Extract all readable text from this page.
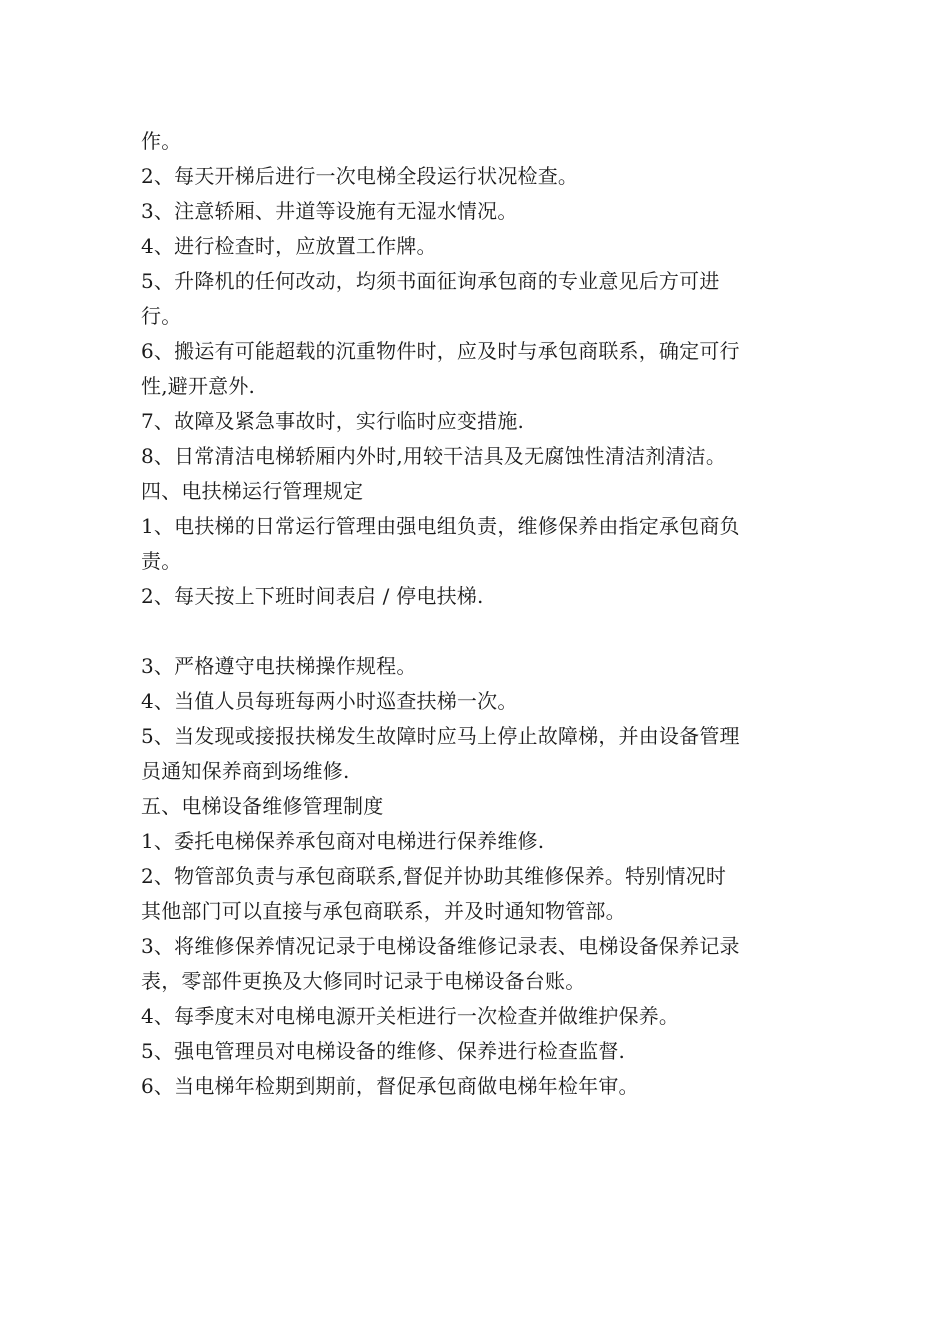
作。
2、每天开梯后进行一次电梯全段运行状况检查。
3、注意轿厢、井道等设施有无湿水情况。
4、进行检查时，应放置工作牌。
5、升降机的任何改动，均须书面征询承包商的专业意见后方可进
行。
6、搬运有可能超载的沉重物件时，应及时与承包商联系，确定可行
性,避开意外.
7、故障及紧急事故时，实行临时应变措施.
8、日常清洁电梯轿厢内外时,用较干洁具及无腐蚀性清洁剂清洁。
四、电扶梯运行管理规定
1、电扶梯的日常运行管理由强电组负责，维修保养由指定承包商负
责。
2、每天按上下班时间表启 / 停电扶梯.
3、严格遵守电扶梯操作规程。
4、当值人员每班每两小时巡查扶梯一次。
5、当发现或接报扶梯发生故障时应马上停止故障梯，并由设备管理
员通知保养商到场维修.
五、电梯设备维修管理制度
1、委托电梯保养承包商对电梯进行保养维修.
2、物管部负责与承包商联系,督促并协助其维修保养。特别情况时
其他部门可以直接与承包商联系，并及时通知物管部。
3、将维修保养情况记录于电梯设备维修记录表、电梯设备保养记录
表，零部件更换及大修同时记录于电梯设备台账。
4、每季度末对电梯电源开关柜进行一次检查并做维护保养。
5、强电管理员对电梯设备的维修、保养进行检查监督.
6、当电梯年检期到期前，督促承包商做电梯年检年审。
